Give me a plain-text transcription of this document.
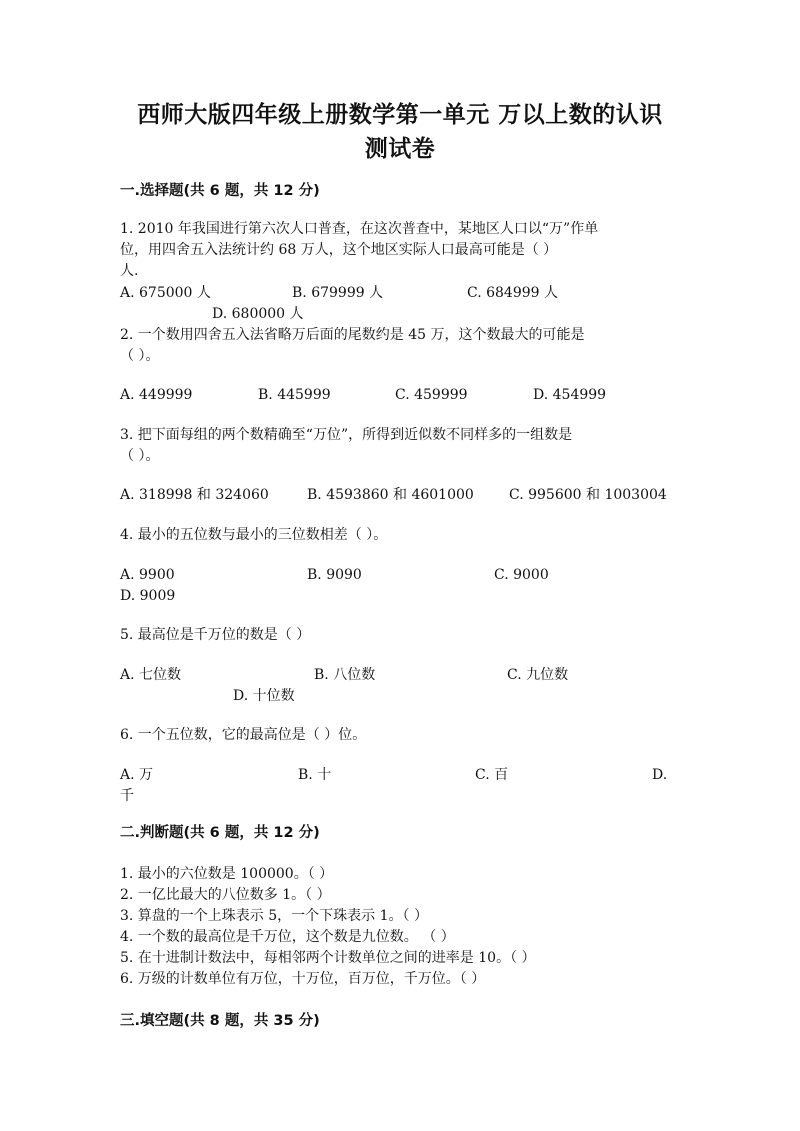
西师大版四年级上册数学第一单元 万以上数的认识
测试卷
一.选择题(共 6 题，共 12 分)
1. 2010 年我国进行第六次人口普查，在这次普查中，某地区人口以“万”作单
位，用四舍五入法统计约 68 万人，这个地区实际人口最高可能是（ ）
人.
A. 675000 人	B. 679999 人	C. 684999 人
D. 680000 人
2. 一个数用四舍五入法省略万后面的尾数约是 45 万，这个数最大的可能是
（ ）。
A. 449999	B. 445999	C. 459999	D. 454999
3. 把下面每组的两个数精确至“万位”，所得到近似数不同样多的一组数是
（ ）。
A. 318998 和 324060	B. 4593860 和 4601000	C. 995600 和 1003004
4. 最小的五位数与最小的三位数相差（ ）。
A. 9900	B. 9090	C. 9000
D. 9009
5. 最高位是千万位的数是（ ）
A. 七位数	B. 八位数	C. 九位数
D. 十位数
6. 一个五位数，它的最高位是（ ）位。
A. 万	B. 十	C. 百	D.
千
二.判断题(共 6 题，共 12 分)
1. 最小的六位数是 100000。（ ）
2. 一亿比最大的八位数多 1。（ ）
3. 算盘的一个上珠表示 5，一个下珠表示 1。（ ）
4. 一个数的最高位是千万位，这个数是九位数。 （ ）
5. 在十进制计数法中，每相邻两个计数单位之间的进率是 10。（ ）
6. 万级的计数单位有万位，十万位，百万位，千万位。（ ）
三.填空题(共 8 题，共 35 分)
